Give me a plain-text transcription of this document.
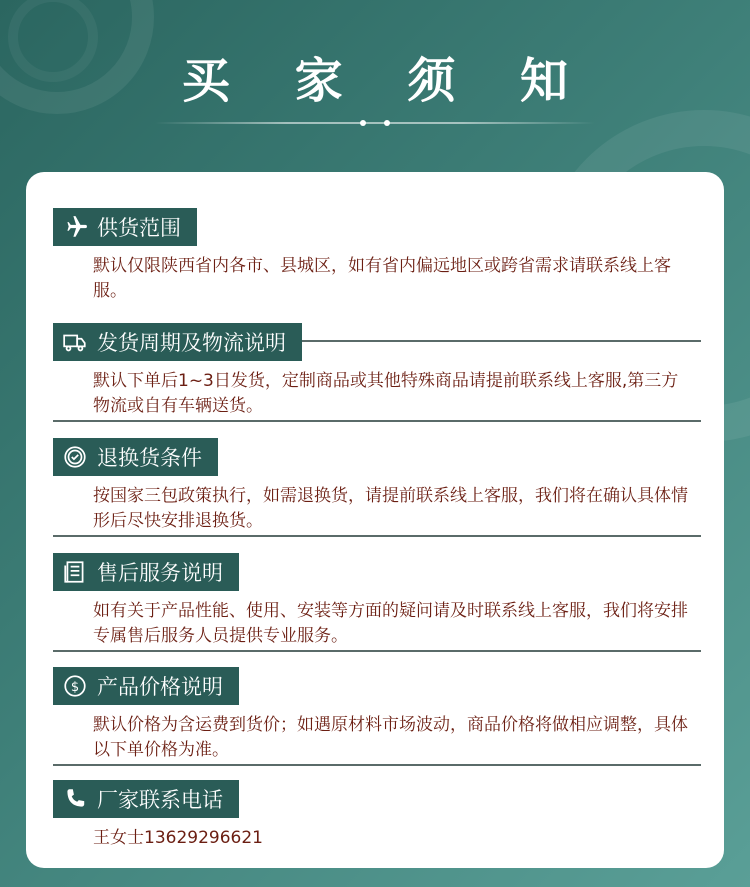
买 家 须 知
供货范围
默认仅限陕西省内各市、县城区，如有省内偏远地区或跨省需求请联系线上客服。
发货周期及物流说明
默认下单后1~3日发货，定制商品或其他特殊商品请提前联系线上客服,第三方物流或自有车辆送货。
退换货条件
按国家三包政策执行，如需退换货，请提前联系线上客服，我们将在确认具体情形后尽快安排退换货。
售后服务说明
如有关于产品性能、使用、安装等方面的疑问请及时联系线上客服，我们将安排专属售后服务人员提供专业服务。
$ 产品价格说明
默认价格为含运费到货价；如遇原材料市场波动，商品价格将做相应调整，具体以下单价格为准。
厂家联系电话
王女士13629296621
